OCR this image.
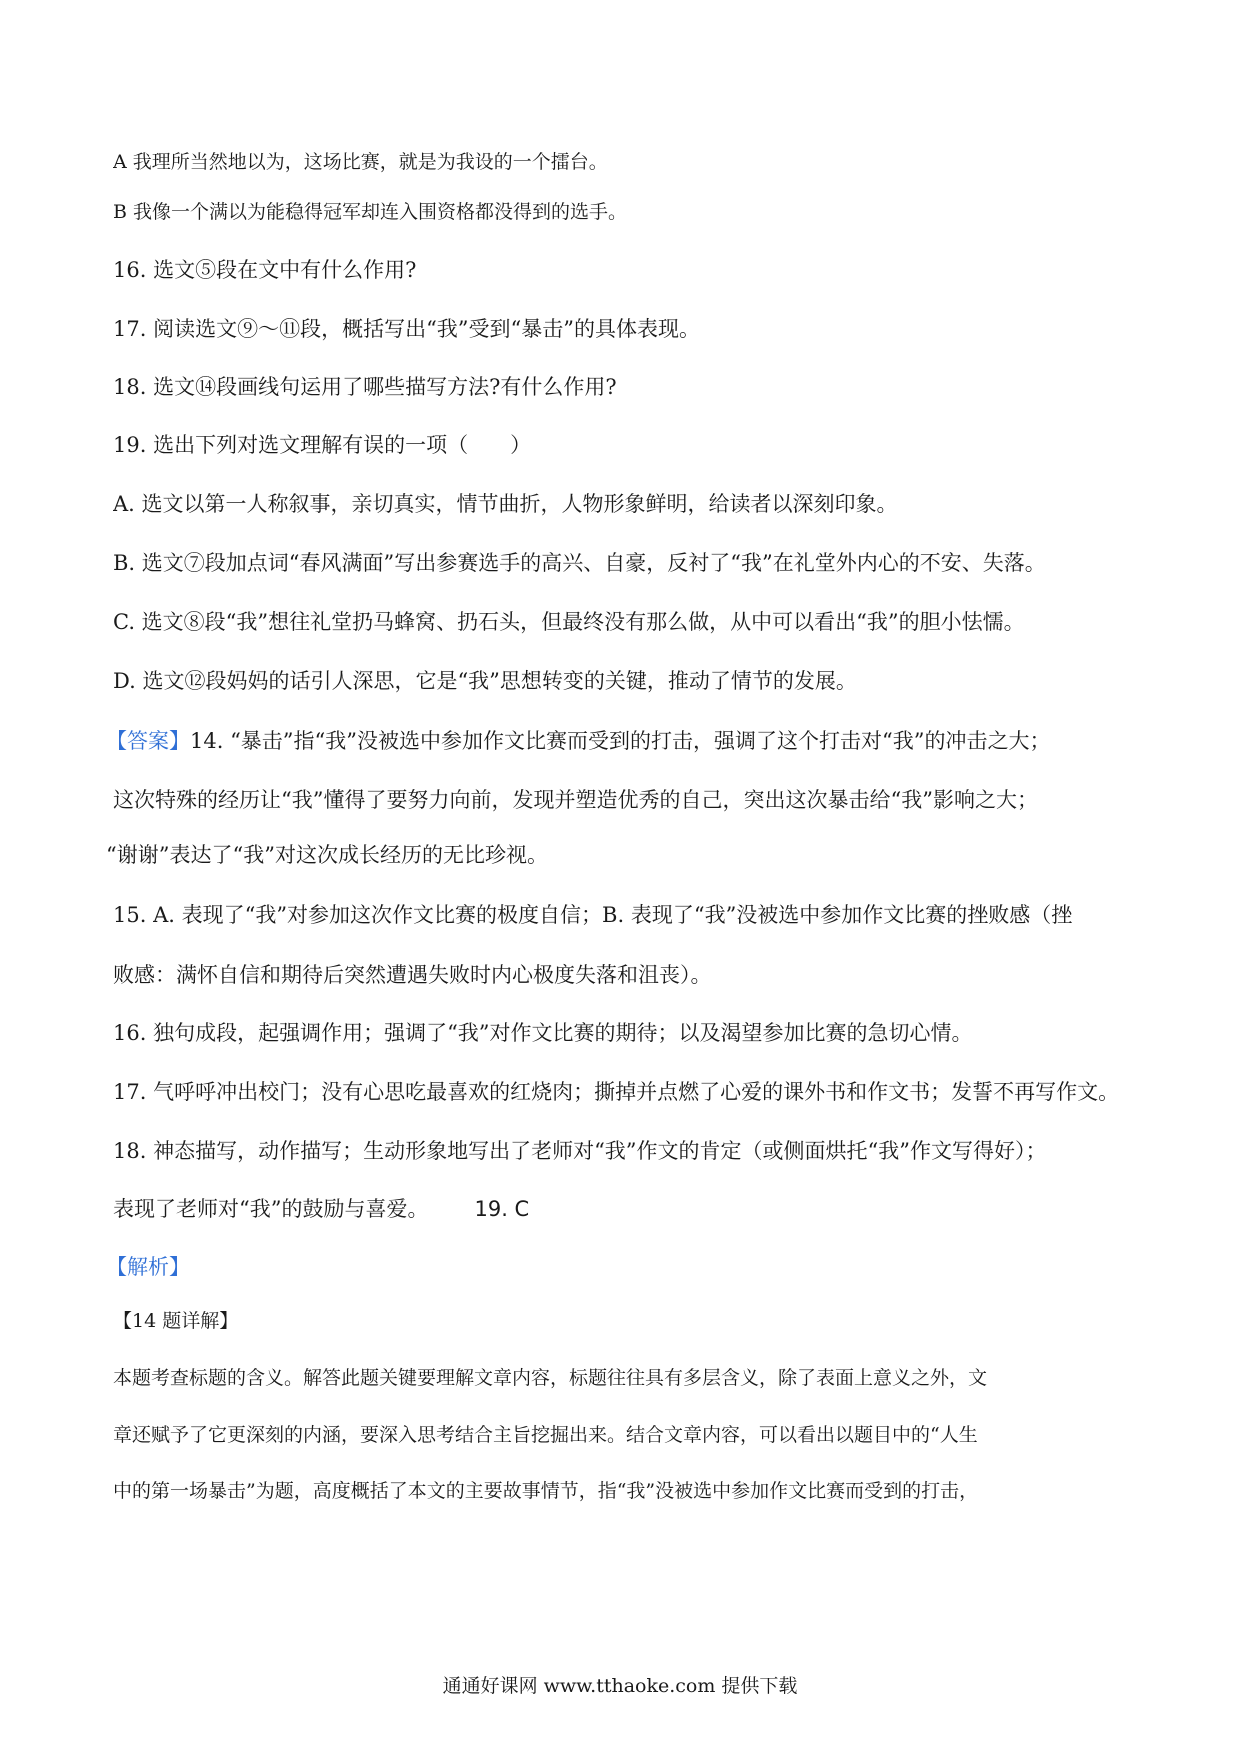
A 我理所当然地以为，这场比赛，就是为我设的一个擂台。
B 我像一个满以为能稳得冠军却连入围资格都没得到的选手。
16. 选文⑤段在文中有什么作用?
17. 阅读选文⑨～⑪段，概括写出“我”受到“暴击”的具体表现。
18. 选文⑭段画线句运用了哪些描写方法?有什么作用?
19. 选出下列对选文理解有误的一项（　　）
A. 选文以第一人称叙事，亲切真实，情节曲折，人物形象鲜明，给读者以深刻印象。
B. 选文⑦段加点词“春风满面”写出参赛选手的高兴、自豪，反衬了“我”在礼堂外内心的不安、失落。
C. 选文⑧段“我”想往礼堂扔马蜂窝、扔石头，但最终没有那么做，从中可以看出“我”的胆小怯懦。
D. 选文⑫段妈妈的话引人深思，它是“我”思想转变的关键，推动了情节的发展。
【答案】14. “暴击”指“我”没被选中参加作文比赛而受到的打击，强调了这个打击对“我”的冲击之大；
这次特殊的经历让“我”懂得了要努力向前，发现并塑造优秀的自己，突出这次暴击给“我”影响之大；
“谢谢”表达了“我”对这次成长经历的无比珍视。
15. A. 表现了“我”对参加这次作文比赛的极度自信；B. 表现了“我”没被选中参加作文比赛的挫败感（挫
败感：满怀自信和期待后突然遭遇失败时内心极度失落和沮丧）。
16. 独句成段，起强调作用；强调了“我”对作文比赛的期待；以及渴望参加比赛的急切心情。
17. 气呼呼冲出校门；没有心思吃最喜欢的红烧肉；撕掉并点燃了心爱的课外书和作文书；发誓不再写作文。
18. 神态描写，动作描写；生动形象地写出了老师对“我”作文的肯定（或侧面烘托“我”作文写得好）；
表现了老师对“我”的鼓励与喜爱。 19. C
【解析】
【14 题详解】
本题考查标题的含义。解答此题关键要理解文章内容，标题往往具有多层含义，除了表面上意义之外，文
章还赋予了它更深刻的内涵，要深入思考结合主旨挖掘出来。结合文章内容，可以看出以题目中的“人生
中的第一场暴击”为题，高度概括了本文的主要故事情节，指“我”没被选中参加作文比赛而受到的打击，
通通好课网 www.tthaoke.com 提供下载
